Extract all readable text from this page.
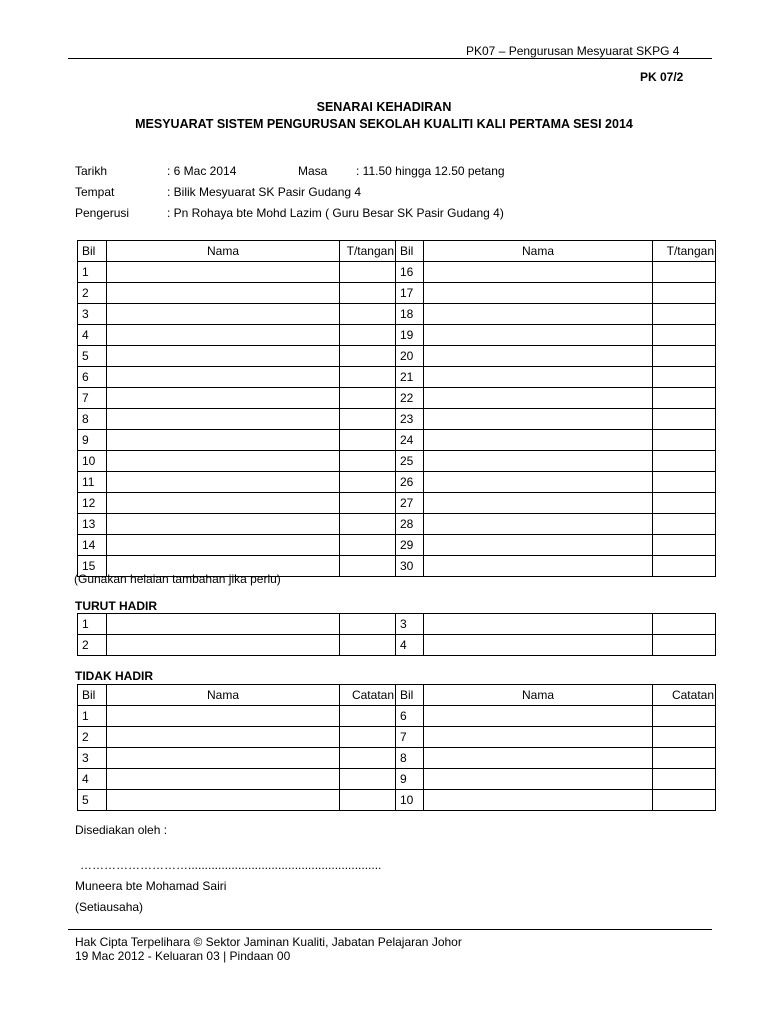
PK07 – Pengurusan Mesyuarat SKPG 4
PK 07/2
SENARAI KEHADIRAN
MESYUARAT SISTEM PENGURUSAN SEKOLAH KUALITI KALI PERTAMA SESI 2014
Tarikh	: 6 Mac 2014	Masa : 11.50 hingga 12.50 petang
Tempat	: Bilik Mesyuarat SK Pasir Gudang 4
Pengerusi	: Pn Rohaya bte Mohd Lazim ( Guru Besar SK Pasir Gudang 4)
Bil	Nama	T/tangan	Bil	Nama	T/tangan
1			16		
2			17		
3			18		
4			19		
5			20		
6			21		
7			22		
8			23		
9			24		
10			25		
11			26		
12			27		
13			28		
14			29		
15			30		
(Gunakan helaian tambahan jika perlu)
TURUT HADIR
1			3		
2			4		
TIDAK HADIR
Bil	Nama	Catatan	Bil	Nama	Catatan
1			6		
2			7		
3			8		
4			9		
5			10		
Disediakan oleh :
………………………..........................................................
Muneera bte Mohamad Sairi
(Setiausaha)
Hak Cipta Terpelihara © Sektor Jaminan Kualiti, Jabatan Pelajaran Johor
19 Mac 2012 - Keluaran 03 | Pindaan 00
